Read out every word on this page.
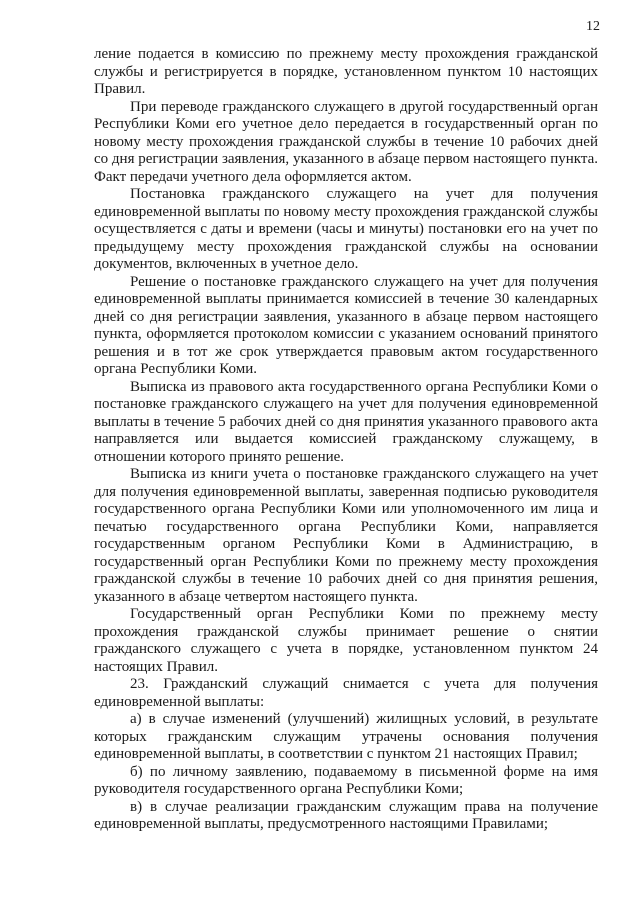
12

ление подается в комиссию по прежнему месту прохождения гражданской службы и регистрируется в порядке, установленном пунктом 10 настоящих Правил.

При переводе гражданского служащего в другой государственный орган Республики Коми его учетное дело передается в государственный орган по новому месту прохождения гражданской службы в течение 10 рабочих дней со дня регистрации заявления, указанного в абзаце первом настоящего пункта. Факт передачи учетного дела оформляется актом.

Постановка гражданского служащего на учет для получения единовременной выплаты по новому месту прохождения гражданской службы осуществляется с даты и времени (часы и минуты) постановки его на учет по предыдущему месту прохождения гражданской службы на основании документов, включенных в учетное дело.

Решение о постановке гражданского служащего на учет для получения единовременной выплаты принимается комиссией в течение 30 календарных дней со дня регистрации заявления, указанного в абзаце первом настоящего пункта, оформляется протоколом комиссии с указанием оснований принятого решения и в тот же срок утверждается правовым актом государственного органа Республики Коми.

Выписка из правового акта государственного органа Республики Коми о постановке гражданского служащего на учет для получения единовременной выплаты в течение 5 рабочих дней со дня принятия указанного правового акта направляется или выдается комиссией гражданскому служащему, в отношении которого принято решение.

Выписка из книги учета о постановке гражданского служащего на учет для получения единовременной выплаты, заверенная подписью руководителя государственного органа Республики Коми или уполномоченного им лица и печатью государственного органа Республики Коми, направляется государственным органом Республики Коми в Администрацию, в государственный орган Республики Коми по прежнему месту прохождения гражданской службы в течение 10 рабочих дней со дня принятия решения, указанного в абзаце четвертом настоящего пункта.

Государственный орган Республики Коми по прежнему месту прохождения гражданской службы принимает решение о снятии гражданского служащего с учета в порядке, установленном пунктом 24 настоящих Правил.

23. Гражданский служащий снимается с учета для получения единовременной выплаты:

а) в случае изменений (улучшений) жилищных условий, в результате которых гражданским служащим утрачены основания получения единовременной выплаты, в соответствии с пунктом 21 настоящих Правил;

б) по личному заявлению, подаваемому в письменной форме на имя руководителя государственного органа Республики Коми;

в) в случае реализации гражданским служащим права на получение единовременной выплаты, предусмотренного настоящими Правилами;
